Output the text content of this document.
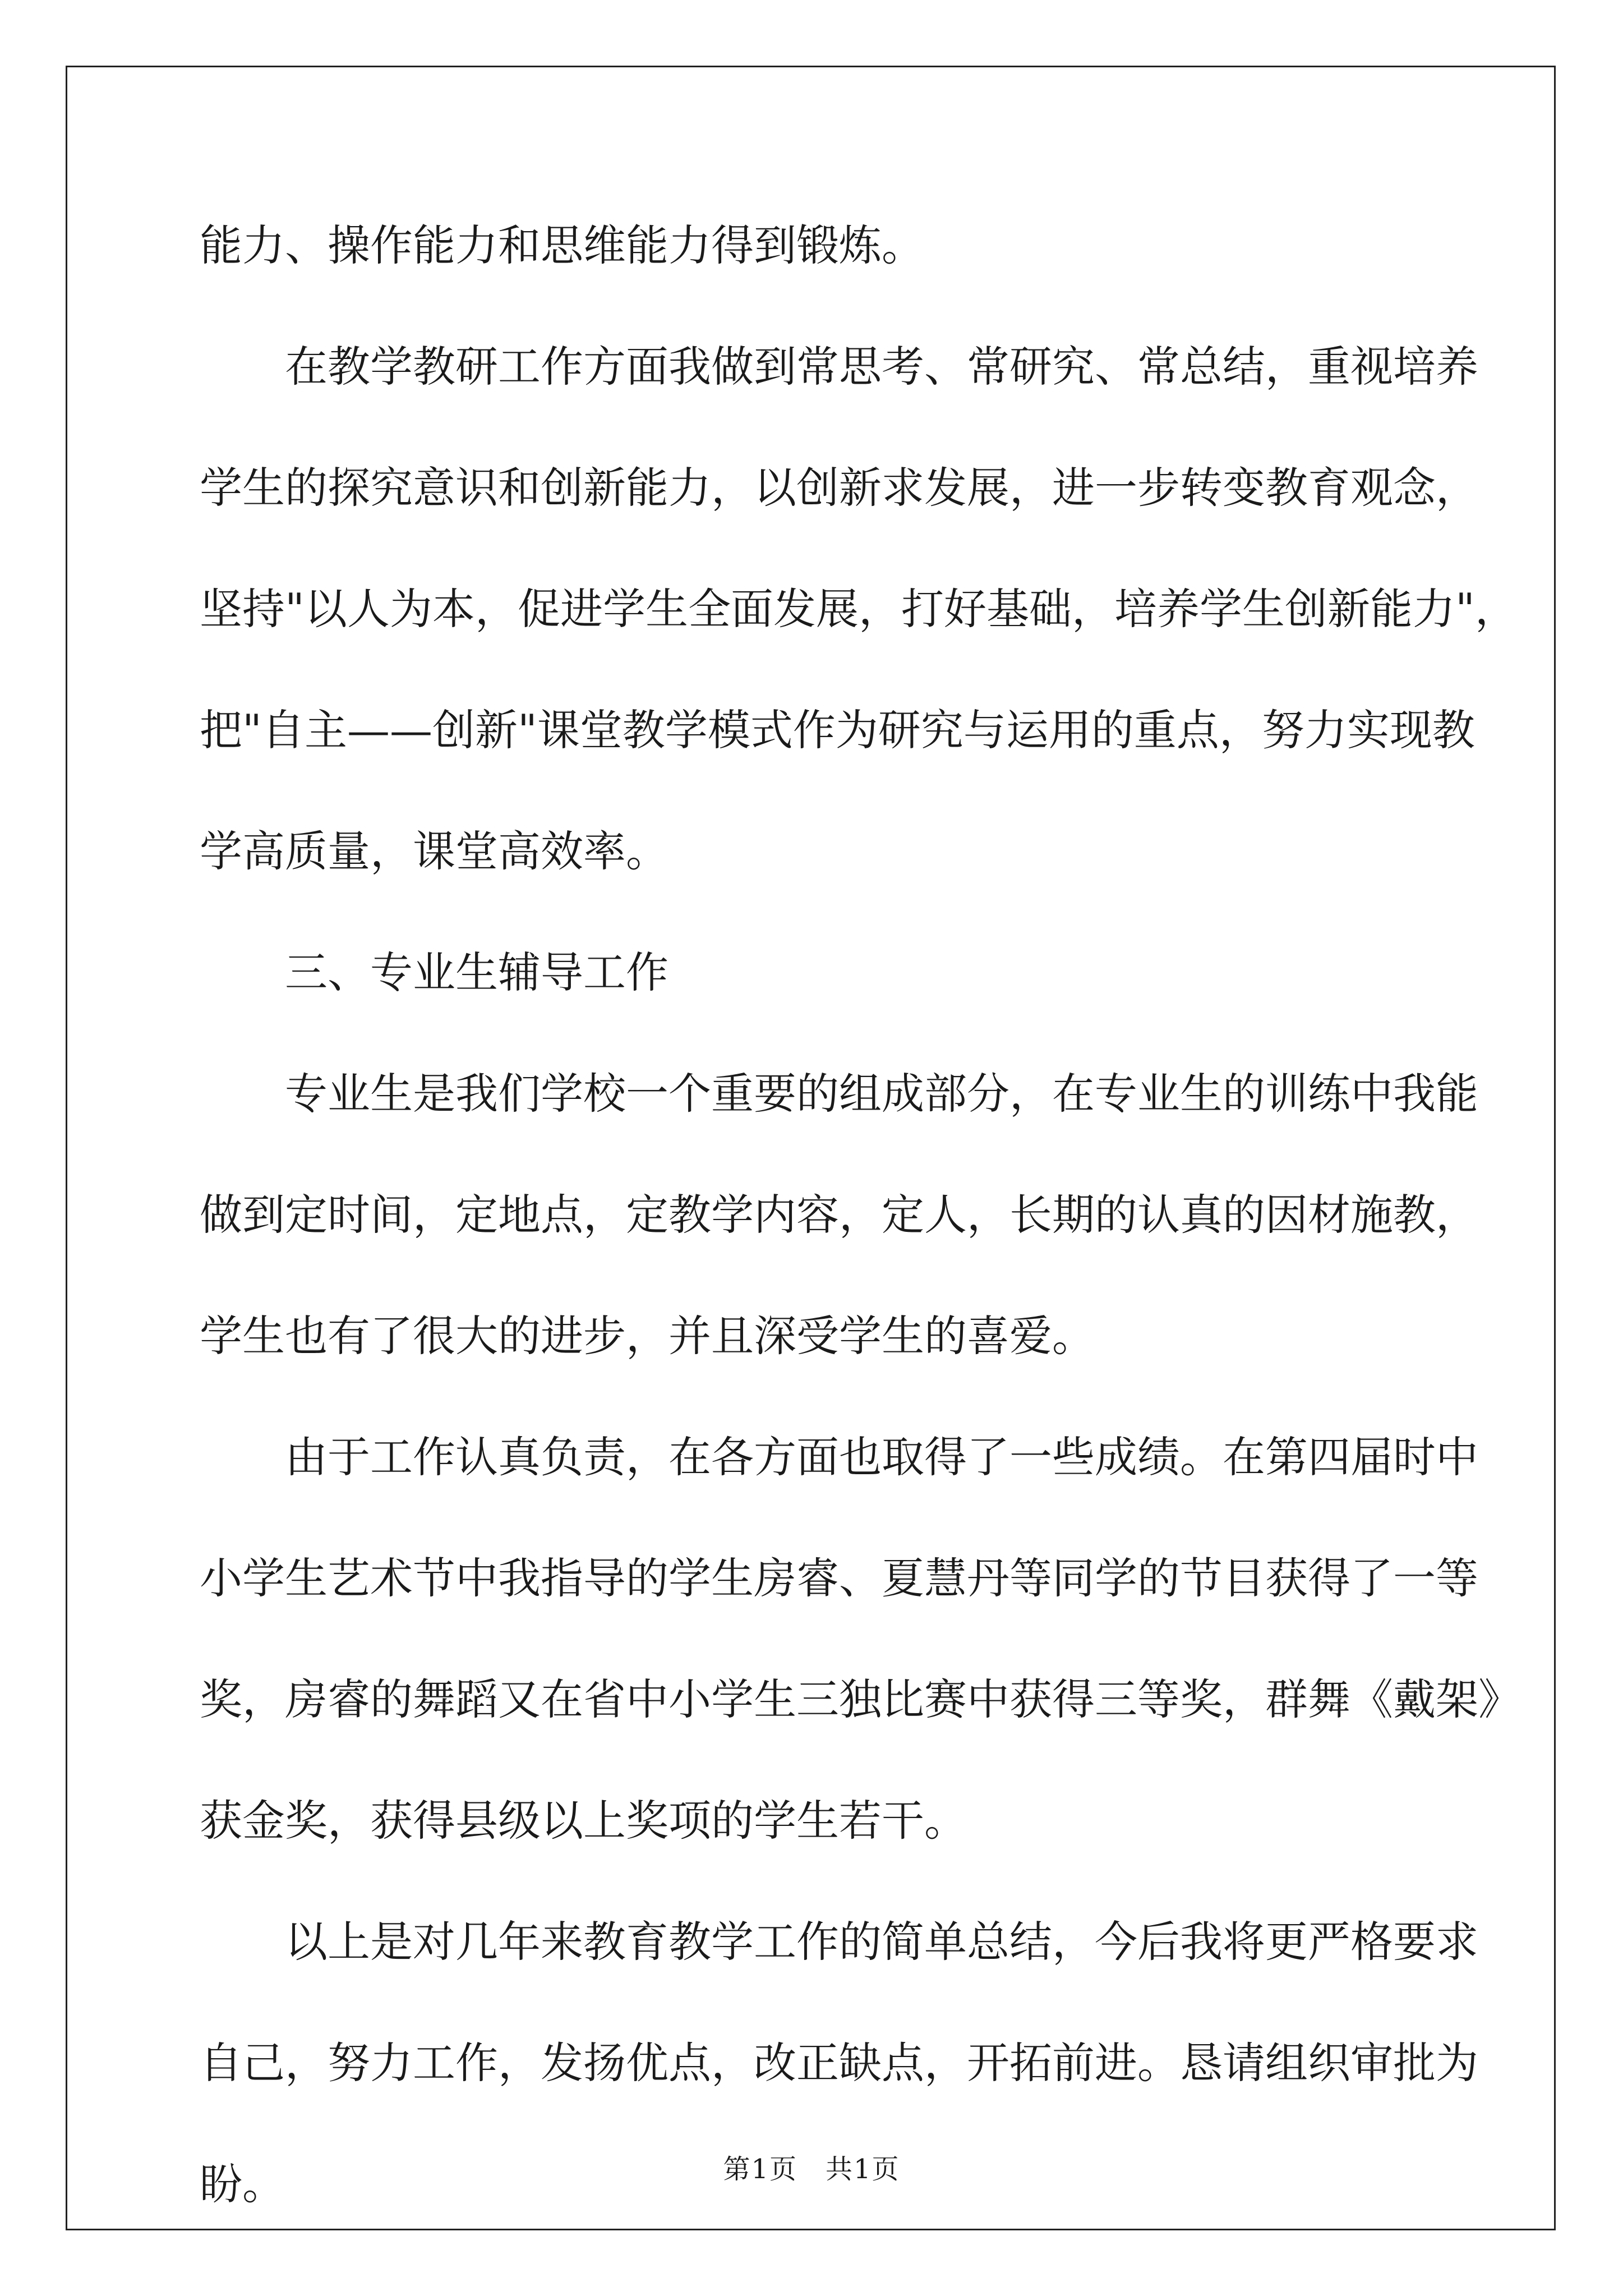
能力、操作能力和思维能力得到锻炼。
在教学教研工作方面我做到常思考、常研究、常总结，重视培养
学生的探究意识和创新能力，以创新求发展，进一步转变教育观念，
坚持"以人为本，促进学生全面发展，打好基础，培养学生创新能力"，
把"自主——创新"课堂教学模式作为研究与运用的重点，努力实现教
学高质量，课堂高效率。
三、专业生辅导工作
专业生是我们学校一个重要的组成部分，在专业生的训练中我能
做到定时间，定地点，定教学内容，定人，长期的认真的因材施教，
学生也有了很大的进步，并且深受学生的喜爱。
由于工作认真负责，在各方面也取得了一些成绩。在第四届时中
小学生艺术节中我指导的学生房睿、夏慧丹等同学的节目获得了一等
奖，房睿的舞蹈又在省中小学生三独比赛中获得三等奖，群舞《戴架》
获金奖，获得县级以上奖项的学生若干。
以上是对几年来教育教学工作的简单总结，今后我将更严格要求
自己，努力工作，发扬优点，改正缺点，开拓前进。恳请组织审批为
盼。	第1页　共1页
